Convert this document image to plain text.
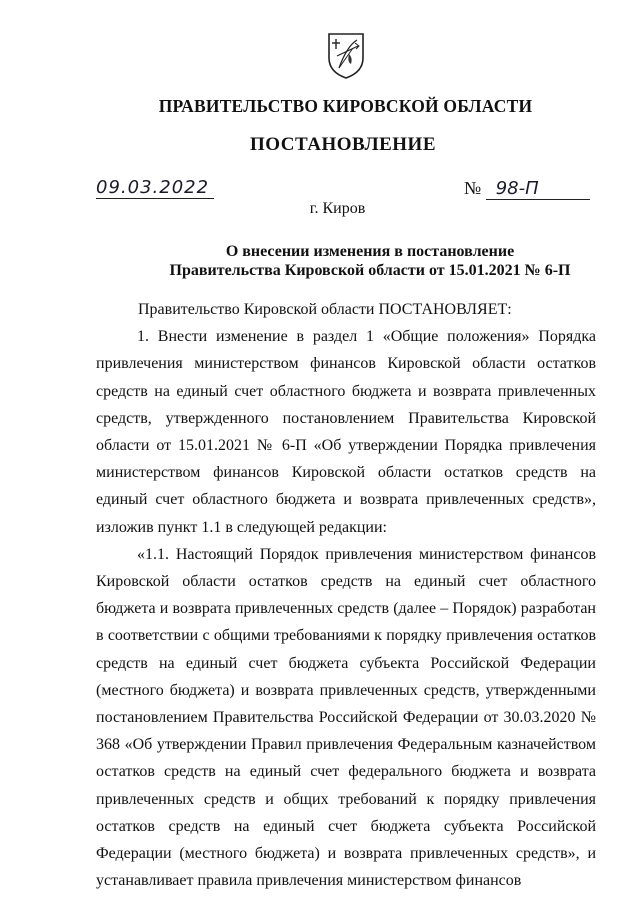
ПРАВИТЕЛЬСТВО КИРОВСКОЙ ОБЛАСТИ
ПОСТАНОВЛЕНИЕ
09.03.2022	№ 98-П
г. Киров
О внесении изменения в постановление
Правительства Кировской области от 15.01.2021 № 6-П

Правительство Кировской области ПОСТАНОВЛЯЕТ:

1. Внести изменение в раздел 1 «Общие положения» Порядка привлечения министерством финансов Кировской области остатков средств на единый счет областного бюджета и возврата привлеченных средств, утвержденного постановлением Правительства Кировской области от 15.01.2021 № 6-П «Об утверждении Порядка привлечения министерством финансов Кировской области остатков средств на единый счет областного бюджета и возврата привлеченных средств», изложив пункт 1.1 в следующей редакции:

«1.1. Настоящий Порядок привлечения министерством финансов Кировской области остатков средств на единый счет областного бюджета и возврата привлеченных средств (далее – Порядок) разработан в соответствии с общими требованиями к порядку привлечения остатков средств на единый счет бюджета субъекта Российской Федерации (местного бюджета) и возврата привлеченных средств, утвержденными постановлением Правительства Российской Федерации от 30.03.2020 № 368 «Об утверждении Правил привлечения Федеральным казначейством остатков средств на единый счет федерального бюджета и возврата привлеченных средств и общих требований к порядку привлечения остатков средств на единый счет бюджета субъекта Российской Федерации (местного бюджета) и возврата привлеченных средств», и устанавливает правила привлечения министерством финансов
